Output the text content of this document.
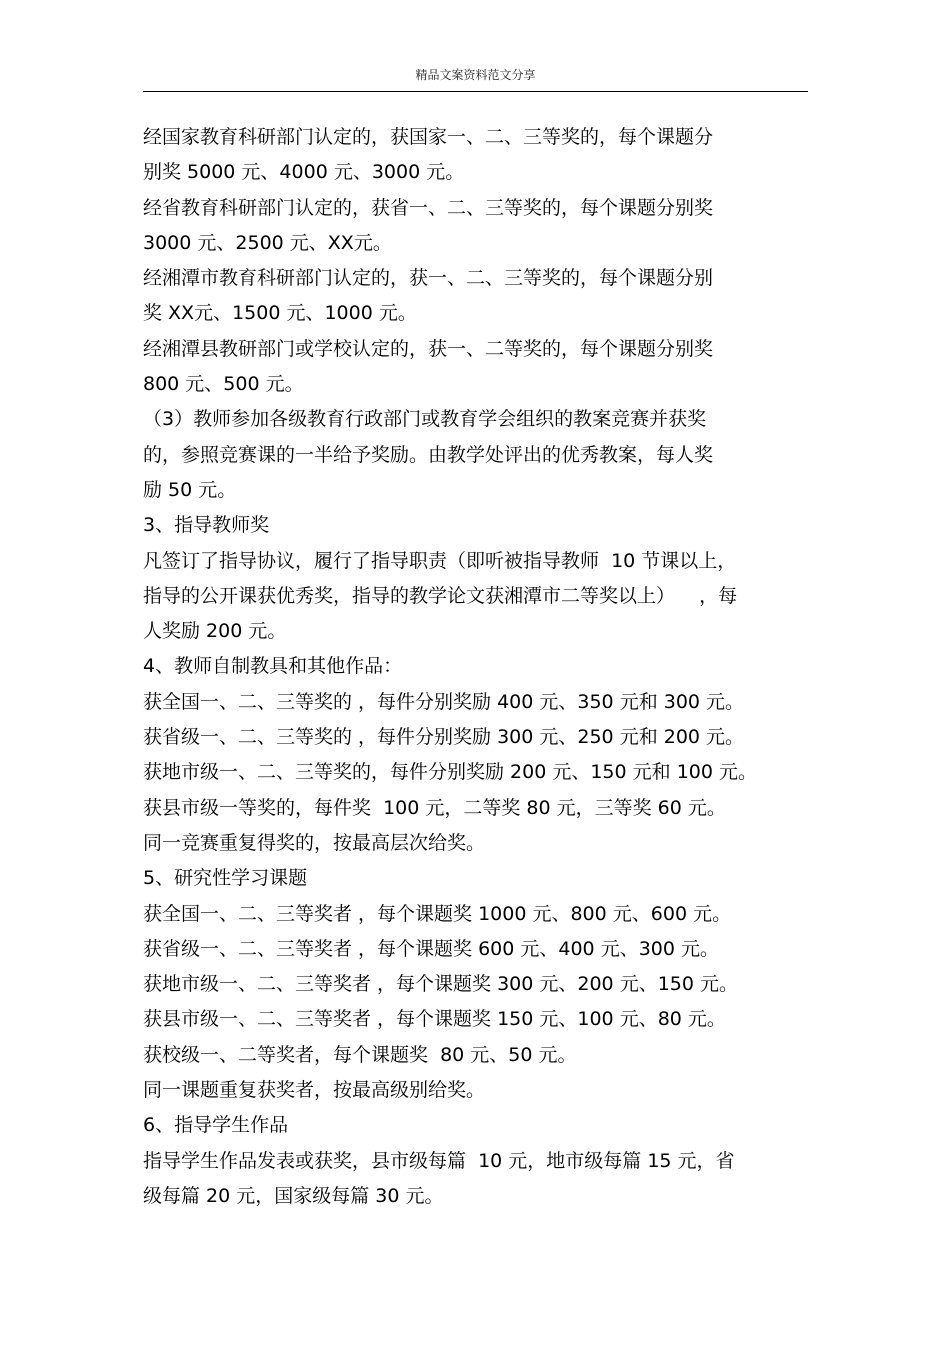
精品文案资料范文分享
经国家教育科研部门认定的，获国家一、二、三等奖的，每个课题分
别奖 5000 元、4000 元、3000 元。
经省教育科研部门认定的，获省一、二、三等奖的，每个课题分别奖
3000 元、2500 元、XX元。
经湘潭市教育科研部门认定的，获一、二、三等奖的，每个课题分别
奖 XX元、1500 元、1000 元。
经湘潭县教研部门或学校认定的，获一、二等奖的，每个课题分别奖
800 元、500 元。
（3）教师参加各级教育行政部门或教育学会组织的教案竞赛并获奖
的，参照竞赛课的一半给予奖励。由教学处评出的优秀教案，每人奖
励 50 元。
3、指导教师奖
凡签订了指导协议，履行了指导职责（即听被指导教师  10 节课以上，
指导的公开课获优秀奖，指导的教学论文获湘潭市二等奖以上）    ，每
人奖励 200 元。
4、教师自制教具和其他作品：
获全国一、二、三等奖的 ，每件分别奖励 400 元、350 元和 300 元。
获省级一、二、三等奖的 ，每件分别奖励 300 元、250 元和 200 元。
获地市级一、二、三等奖的，每件分别奖励 200 元、150 元和 100 元。
获县市级一等奖的，每件奖  100 元，二等奖 80 元，三等奖 60 元。
同一竞赛重复得奖的，按最高层次给奖。
5、研究性学习课题
获全国一、二、三等奖者 ，每个课题奖 1000 元、800 元、600 元。
获省级一、二、三等奖者 ，每个课题奖 600 元、400 元、300 元。
获地市级一、二、三等奖者 ，每个课题奖 300 元、200 元、150 元。
获县市级一、二、三等奖者 ，每个课题奖 150 元、100 元、80 元。
获校级一、二等奖者，每个课题奖  80 元、50 元。
同一课题重复获奖者，按最高级别给奖。
6、指导学生作品
指导学生作品发表或获奖，县市级每篇  10 元，地市级每篇 15 元，省
级每篇 20 元，国家级每篇 30 元。
